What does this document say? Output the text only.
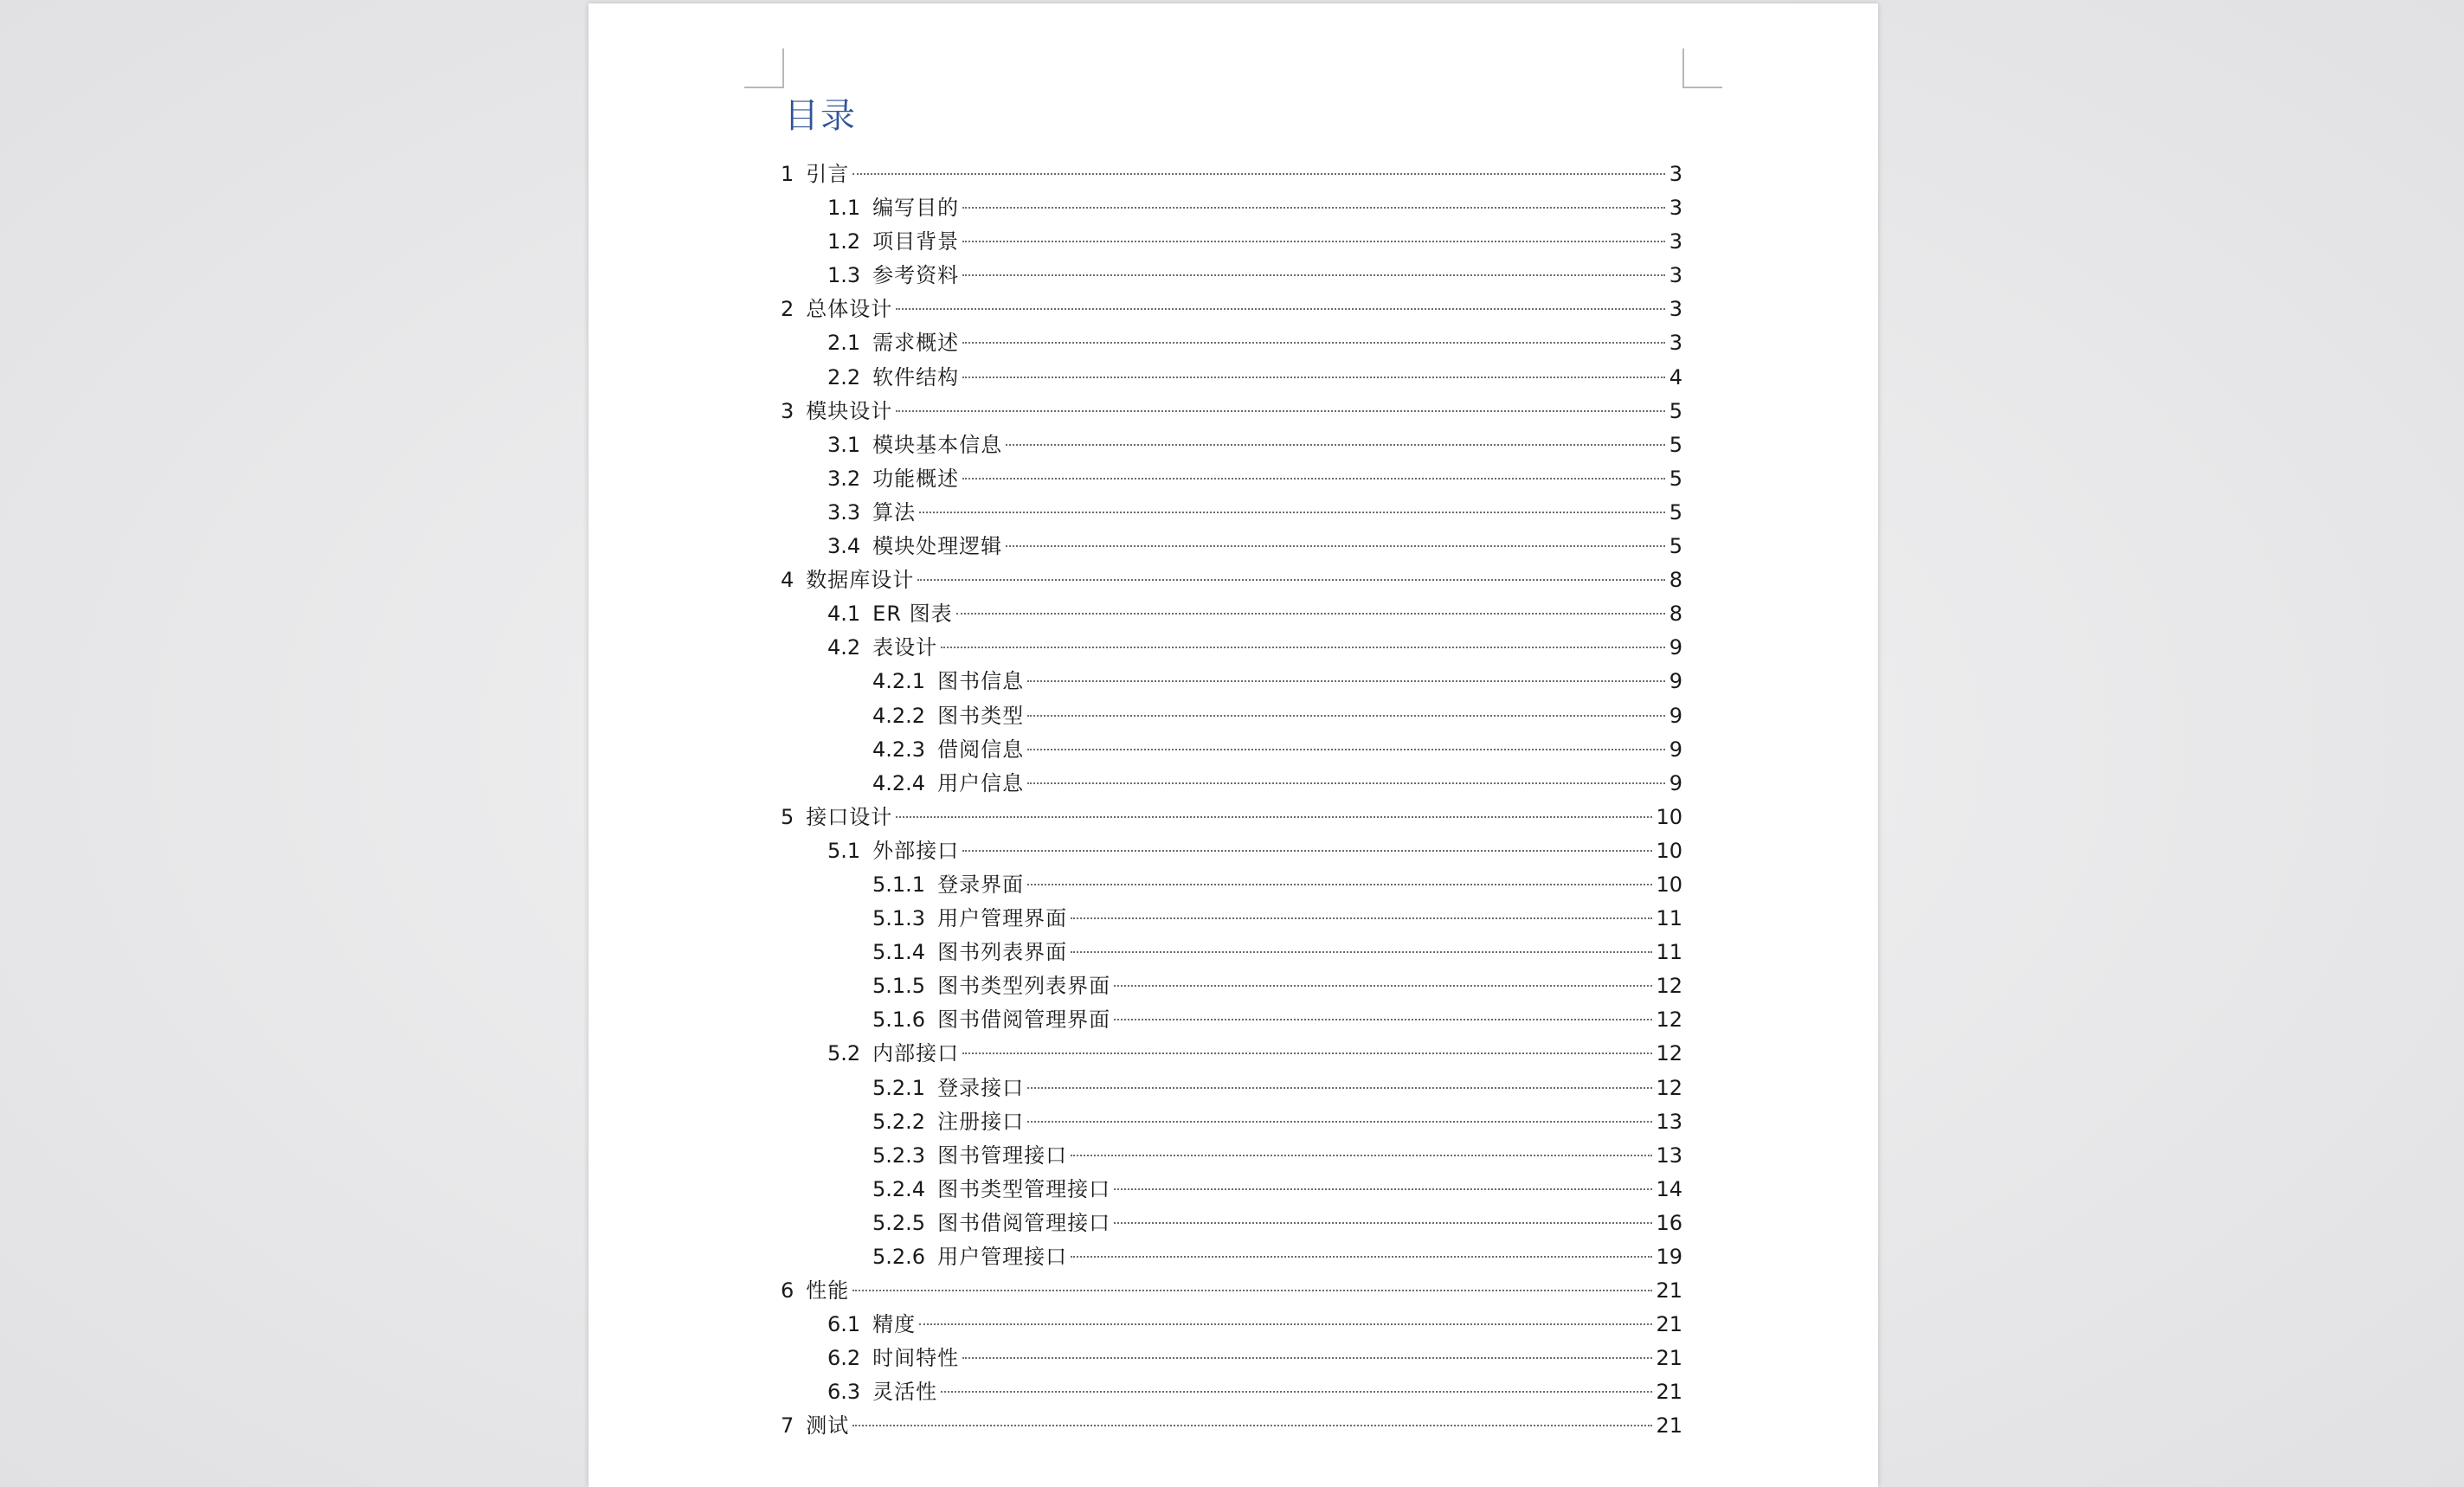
目录
1 引言	3
1.1 编写目的	3
1.2 项目背景	3
1.3 参考资料	3
2 总体设计	3
2.1 需求概述	3
2.2 软件结构	4
3 模块设计	5
3.1 模块基本信息	5
3.2 功能概述	5
3.3 算法	5
3.4 模块处理逻辑	5
4 数据库设计	8
4.1 ER 图表	8
4.2 表设计	9
4.2.1 图书信息	9
4.2.2 图书类型	9
4.2.3 借阅信息	9
4.2.4 用户信息	9
5 接口设计	10
5.1 外部接口	10
5.1.1 登录界面	10
5.1.3 用户管理界面	11
5.1.4 图书列表界面	11
5.1.5 图书类型列表界面	12
5.1.6 图书借阅管理界面	12
5.2 内部接口	12
5.2.1 登录接口	12
5.2.2 注册接口	13
5.2.3 图书管理接口	13
5.2.4 图书类型管理接口	14
5.2.5 图书借阅管理接口	16
5.2.6 用户管理接口	19
6 性能	21
6.1 精度	21
6.2 时间特性	21
6.3 灵活性	21
7 测试	21
